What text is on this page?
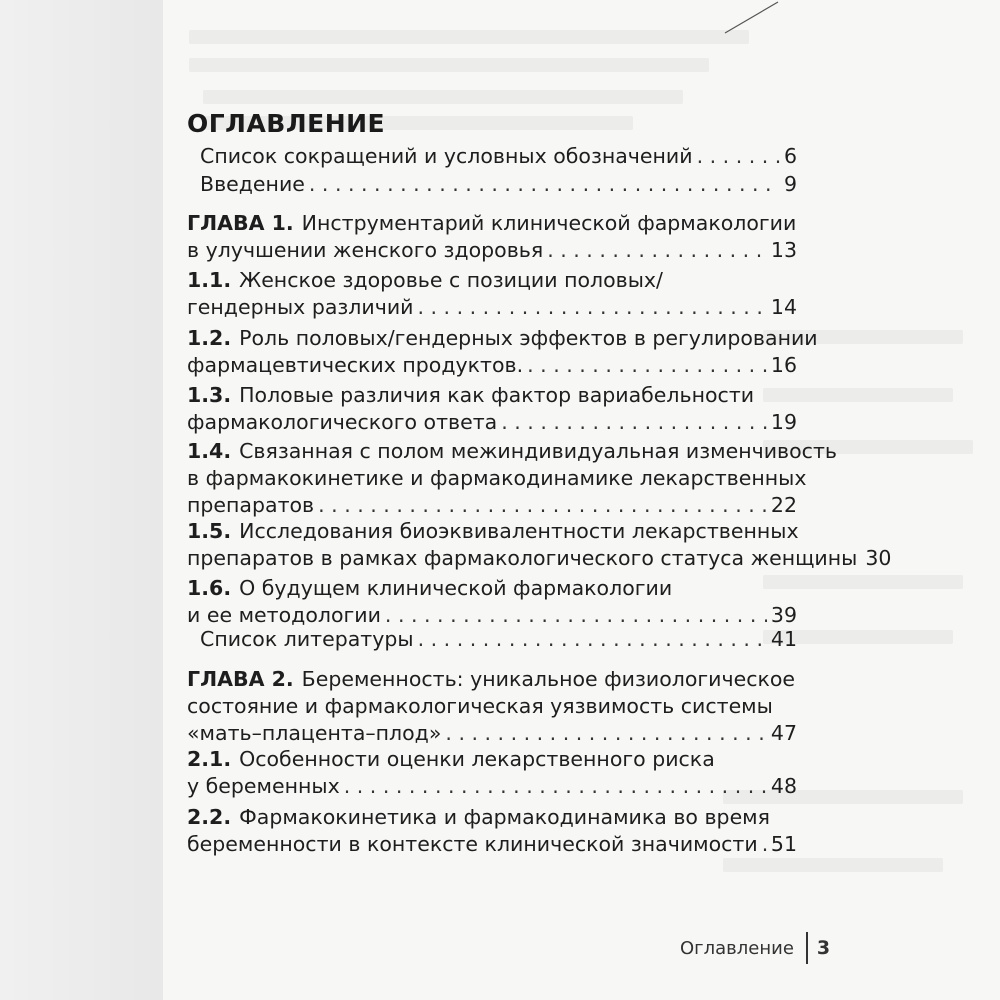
ОГЛАВЛЕНИЕ
Список сокращений и условных обозначений . . .	6
Введение . . .	9
ГЛАВА 1. Инструментарий клинической фармакологии
в улучшении женского здоровья . . .	13
1.1. Женское здоровье с позиции половых/
гендерных различий . . .	14
1.2. Роль половых/гендерных эффектов в регулировании
фармацевтических продуктов. . . .	16
1.3. Половые различия как фактор вариабельности
фармакологического ответа . . .	19
1.4. Связанная с полом межиндивидуальная изменчивость
в фармакокинетике и фармакодинамике лекарственных
препаратов . . .	22
1.5. Исследования биоэквивалентности лекарственных
препаратов в рамках фармакологического статуса женщины 30
1.6. О будущем клинической фармакологии
и ее методологии . . .	39
Список литературы . . .	41
ГЛАВА 2. Беременность: уникальное физиологическое
состояние и фармакологическая уязвимость системы
«мать–плацента–плод» . . .	47
2.1. Особенности оценки лекарственного риска
у беременных . . .	48
2.2. Фармакокинетика и фармакодинамика во время
беременности в контексте клинической значимости . . . 51
Оглавление 3
